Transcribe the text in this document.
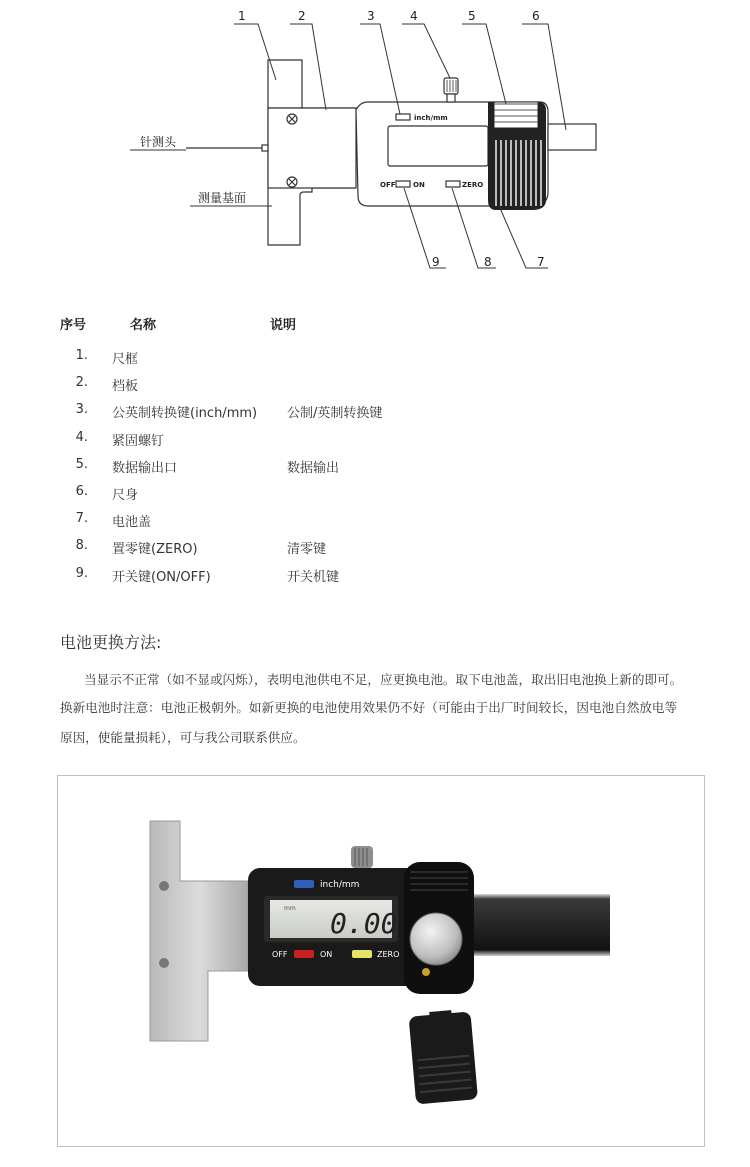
inch/mm
OFF ON	ZERO
1	2	3	4	5	6
7
8
9
针测头
测量基面
序号	名称	说明
1. 尺框
2. 档板
3. 公英制转换键(inch/mm) 公制/英制转换键
4. 紧固螺钉
5. 数据输出口	数据输出
6. 尺身
7. 电池盖
8. 置零键(ZERO)	清零键
9. 开关键(ON/OFF)	开关机键
电池更换方法:
当显示不正常（如不显或闪烁），表明电池供电不足，应更换电池。取下电池盖，取出旧电池换上新的即可。
换新电池时注意：电池正极朝外。如新更换的电池使用效果仍不好（可能由于出厂时间较长，因电池自然放电等
原因，使能量损耗），可与我公司联系供应。
inch/mm
mm 0.00
OFF	ON	ZERO
